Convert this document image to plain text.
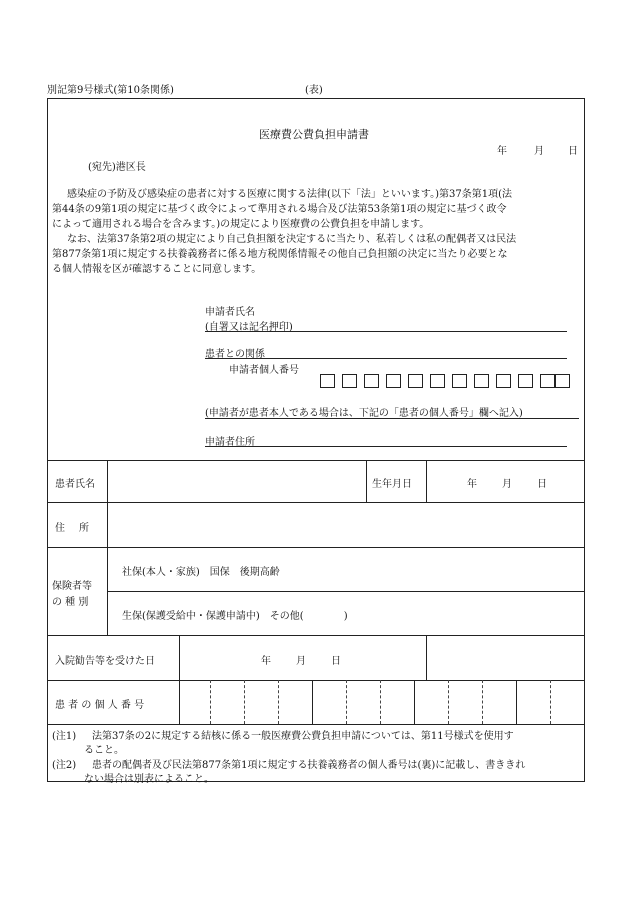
別記第9号様式(第10条関係)	(表)
医療費公費負担申請書
年	月 日
(宛先)港区長
感染症の予防及び感染症の患者に対する医療に関する法律(以下「法」といいます。)第37条第1項(法
第44条の9第1項の規定に基づく政令によって準用される場合及び法第53条第1項の規定に基づく政令
によって適用される場合を含みます。)の規定により医療費の公費負担を申請します。
なお、法第37条第2項の規定により自己負担額を決定するに当たり、私若しくは私の配偶者又は民法
第877条第1項に規定する扶養義務者に係る地方税関係情報その他自己負担額の決定に当たり必要とな
る個人情報を区が確認することに同意します。
申請者氏名
(自署又は記名押印)
患者との関係
申請者個人番号
(申請者が患者本人である場合は、下記の「患者の個人番号」欄へ記入)
申請者住所
患者氏名	生年月日	年	月	日
住　所
保険者等
の 種 別
社保(本人・家族)　国保　後期高齢
生保(保護受給中・保護申請中)　その他(　　　　)
入院勧告等を受けた日	年	月	日
患 者 の 個 人 番 号
(注1) 法第37条の2に規定する結核に係る一般医療費公費負担申請については、第11号様式を使用す
ること。
(注2) 患者の配偶者及び民法第877条第1項に規定する扶養義務者の個人番号は(裏)に記載し、書ききれ
ない場合は別表によること。
